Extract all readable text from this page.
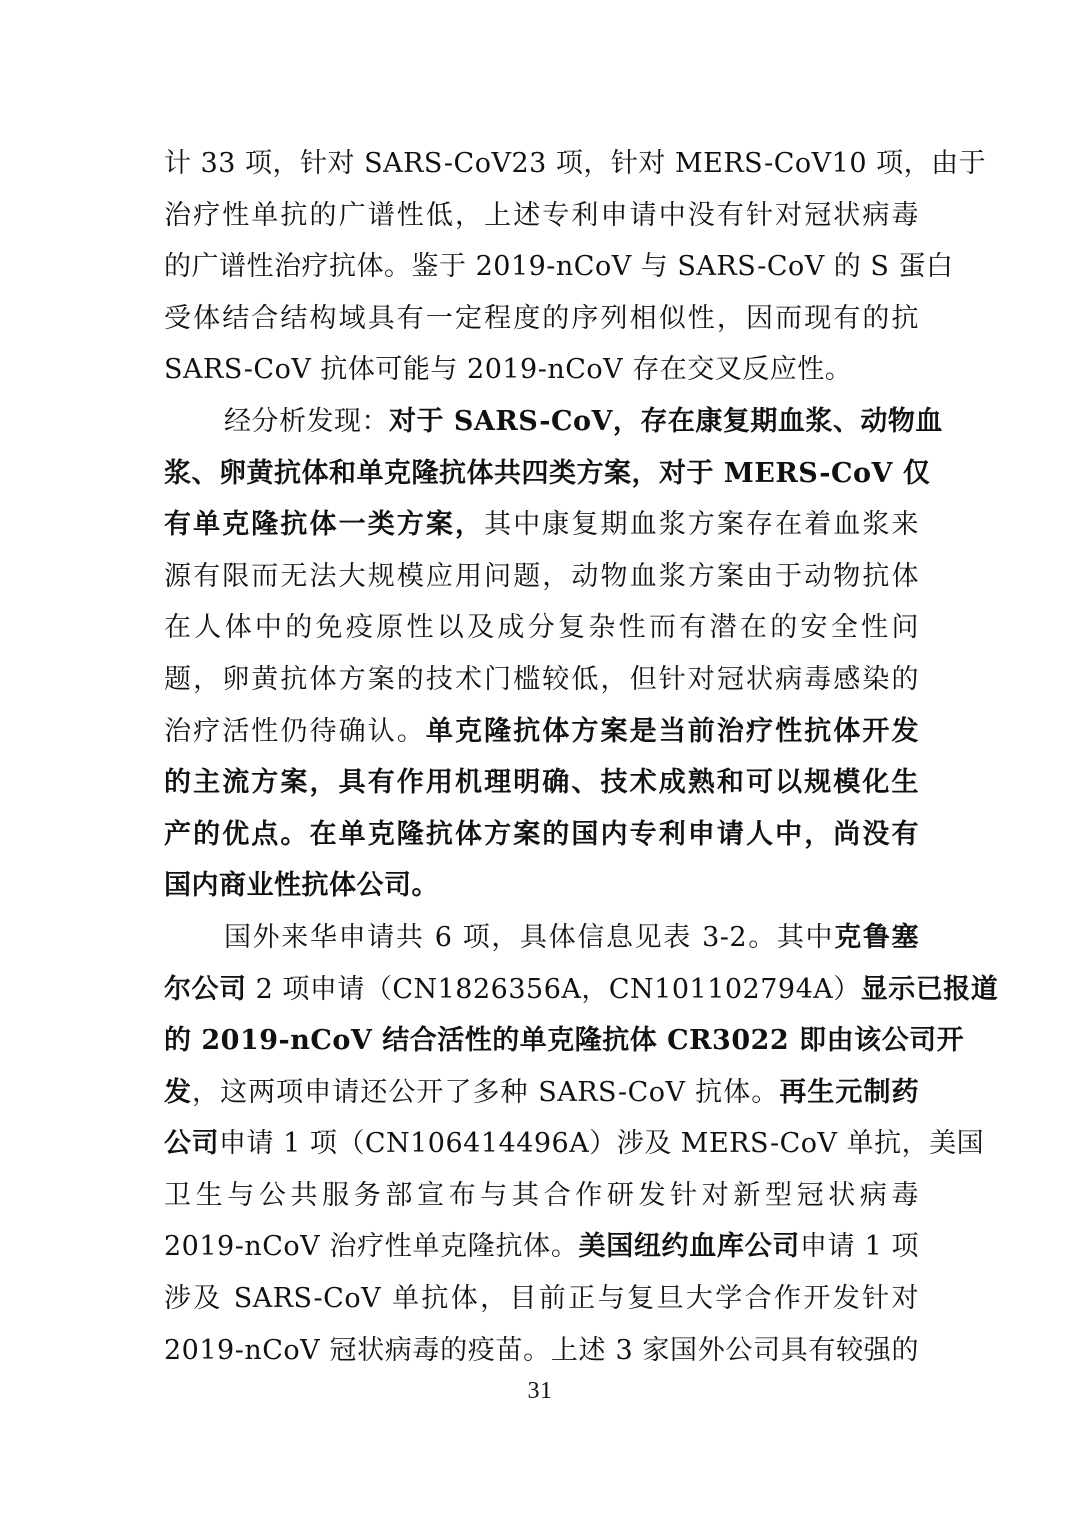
计 33 项，针对 SARS-CoV23 项，针对 MERS-CoV10 项，由于
治疗性单抗的广谱性低，上述专利申请中没有针对冠状病毒
的广谱性治疗抗体。鉴于 2019-nCoV 与 SARS-CoV 的 S 蛋白
受体结合结构域具有一定程度的序列相似性，因而现有的抗
SARS-CoV 抗体可能与 2019-nCoV 存在交叉反应性。
经分析发现：对于 SARS-CoV，存在康复期血浆、动物血
浆、卵黄抗体和单克隆抗体共四类方案，对于 MERS-CoV 仅
有单克隆抗体一类方案，其中康复期血浆方案存在着血浆来
源有限而无法大规模应用问题，动物血浆方案由于动物抗体
在人体中的免疫原性以及成分复杂性而有潜在的安全性问
题，卵黄抗体方案的技术门槛较低，但针对冠状病毒感染的
治疗活性仍待确认。单克隆抗体方案是当前治疗性抗体开发
的主流方案，具有作用机理明确、技术成熟和可以规模化生
产的优点。在单克隆抗体方案的国内专利申请人中，尚没有
国内商业性抗体公司。
国外来华申请共 6 项，具体信息见表 3-2。其中克鲁塞
尔公司 2 项申请（CN1826356A，CN101102794A）显示已报道
的 2019-nCoV 结合活性的单克隆抗体 CR3022 即由该公司开
发，这两项申请还公开了多种 SARS-CoV 抗体。再生元制药
公司申请 1 项（CN106414496A）涉及 MERS-CoV 单抗，美国
卫生与公共服务部宣布与其合作研发针对新型冠状病毒
2019-nCoV 治疗性单克隆抗体。美国纽约血库公司申请 1 项
涉及 SARS-CoV 单抗体，目前正与复旦大学合作开发针对
2019-nCoV 冠状病毒的疫苗。上述 3 家国外公司具有较强的
31
